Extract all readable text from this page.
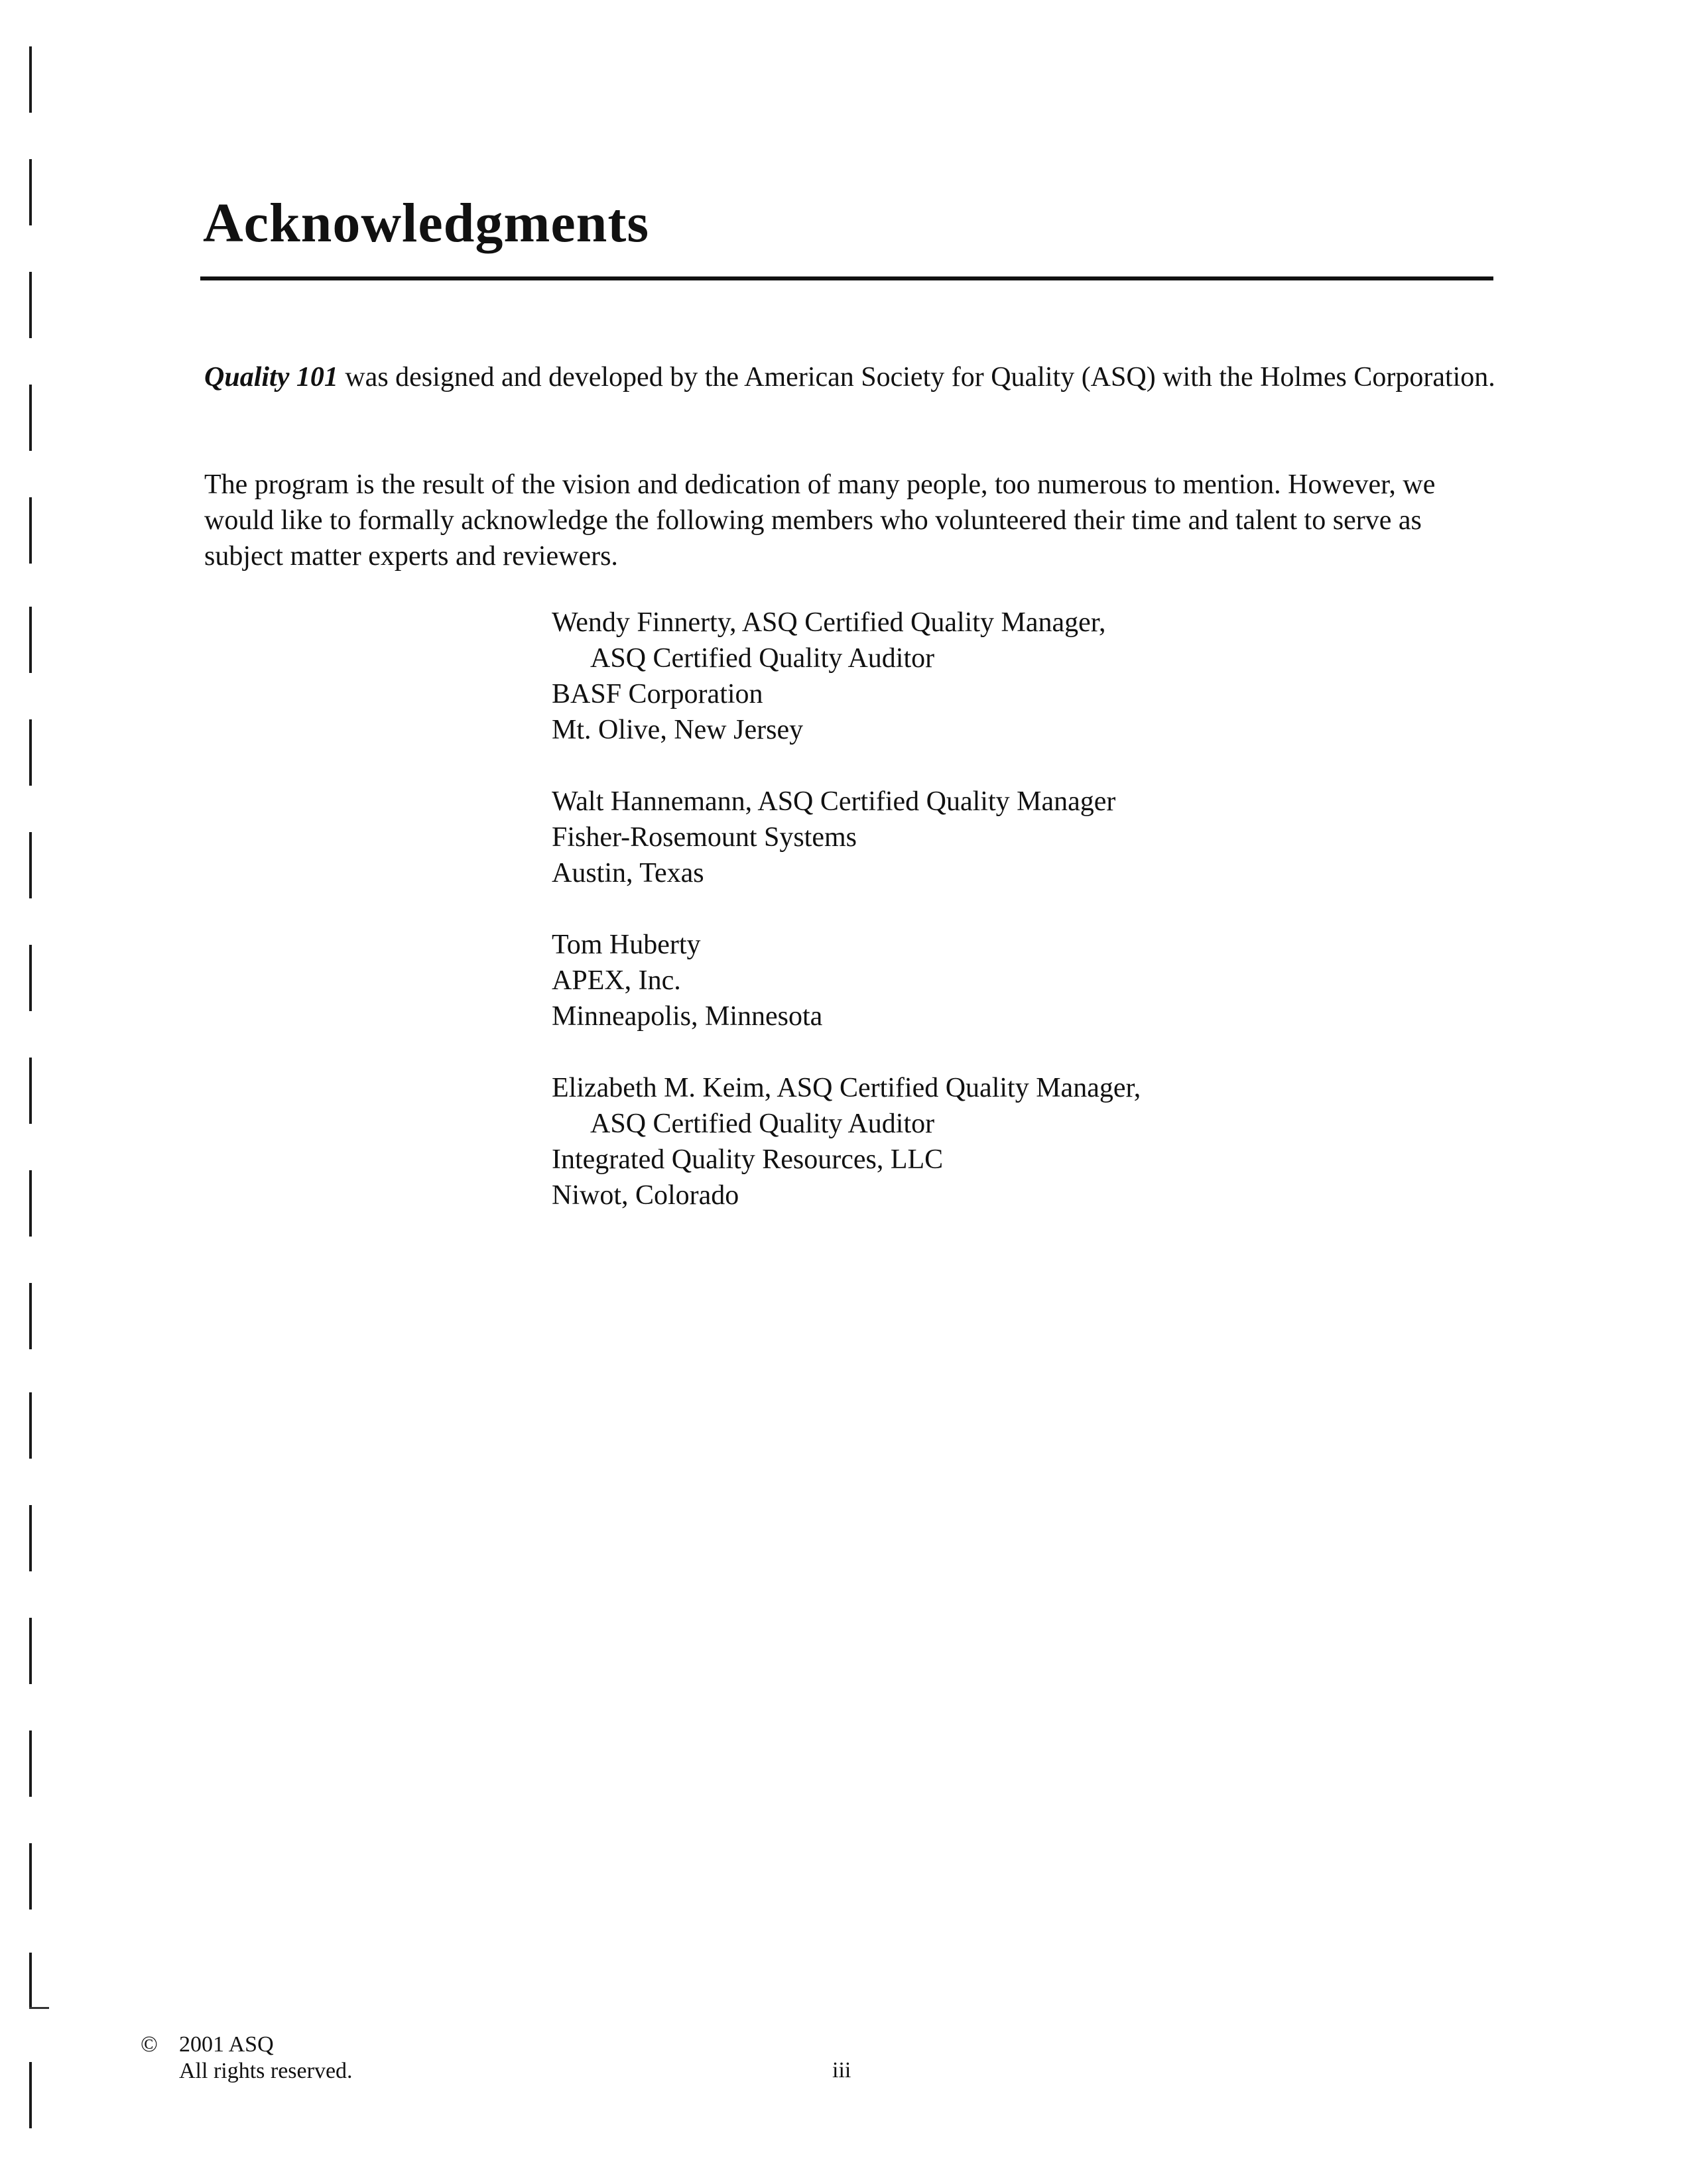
Acknowledgments

Quality 101 was designed and developed by the American Society for Quality (ASQ) with the Holmes Corporation.

The program is the result of the vision and dedication of many people, too numerous to mention. However, we would like to formally acknowledge the following members who volunteered their time and talent to serve as subject matter experts and reviewers.

Wendy Finnerty, ASQ Certified Quality Manager,
ASQ Certified Quality Auditor
BASF Corporation
Mt. Olive, New Jersey
Walt Hannemann, ASQ Certified Quality Manager
Fisher-Rosemount Systems
Austin, Texas
Tom Huberty
APEX, Inc.
Minneapolis, Minnesota
Elizabeth M. Keim, ASQ Certified Quality Manager,
ASQ Certified Quality Auditor
Integrated Quality Resources, LLC
Niwot, Colorado
© 2001 ASQ
All rights reserved.	iii
